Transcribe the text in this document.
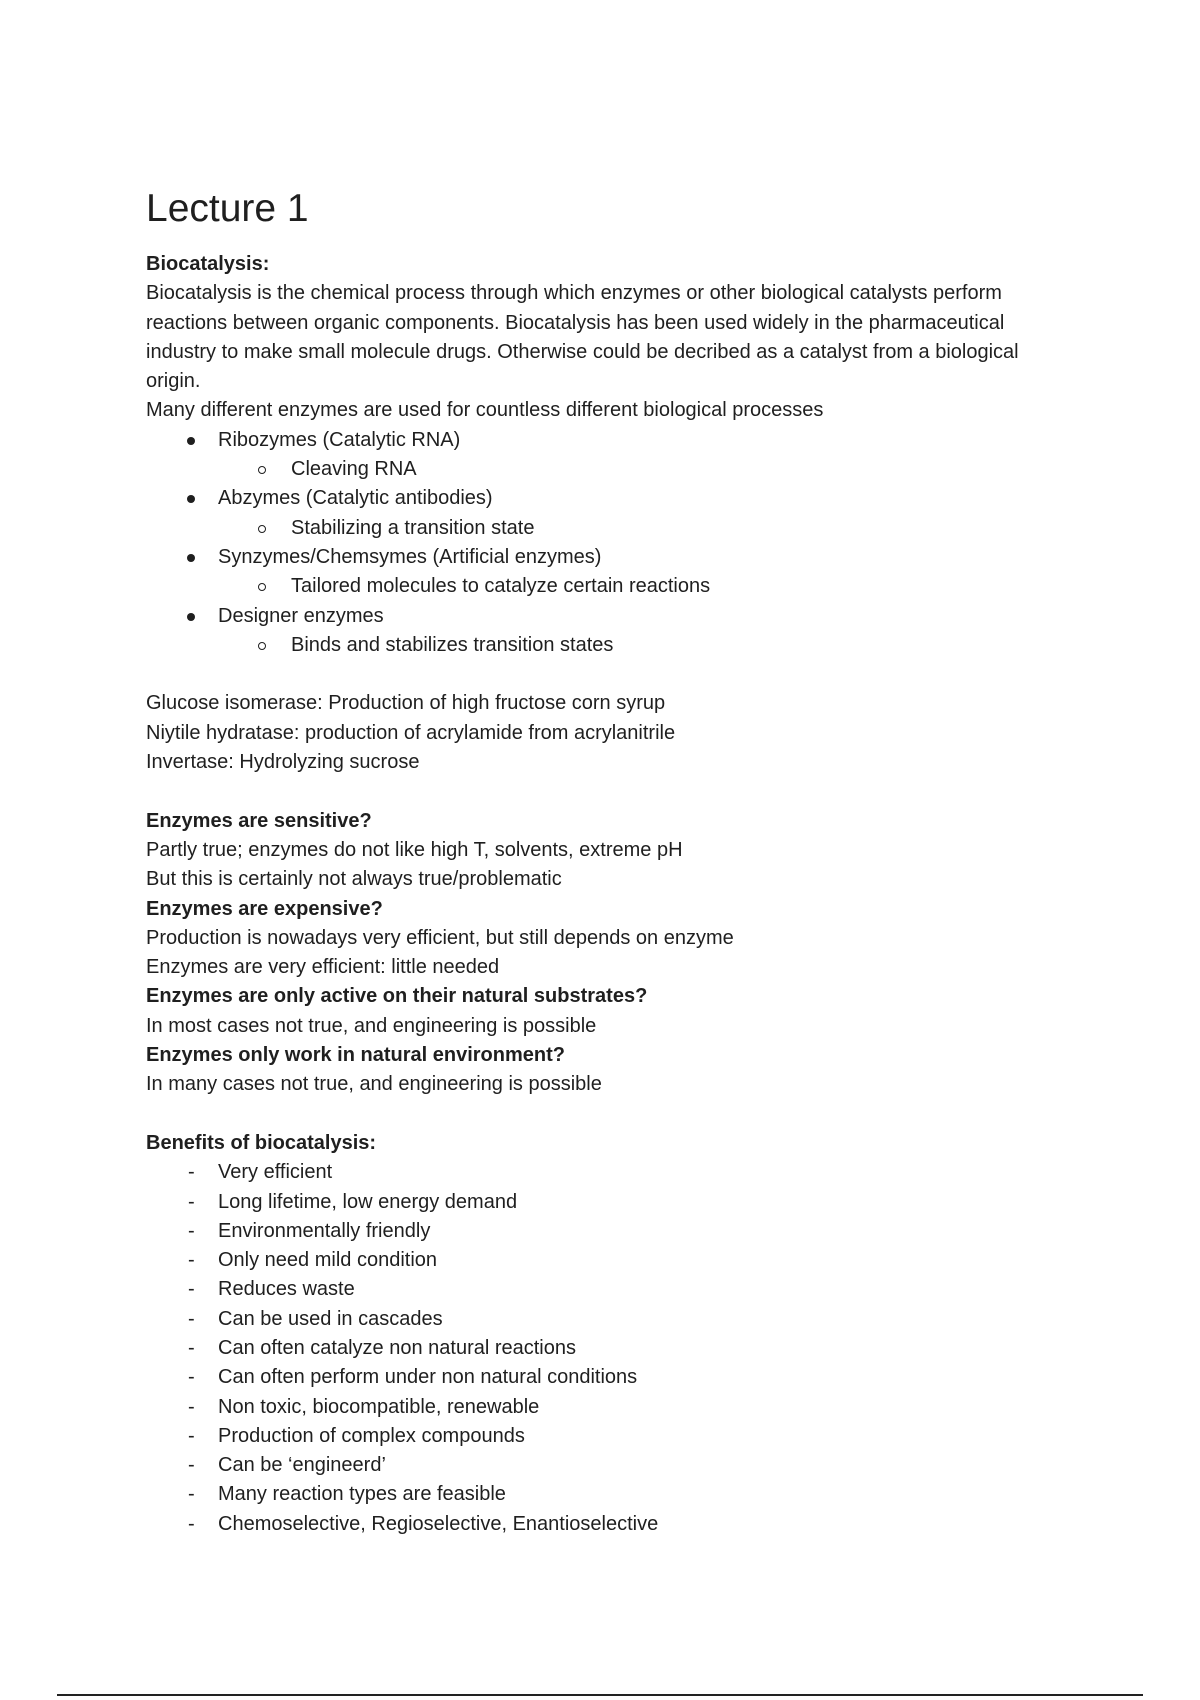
Lecture 1
Biocatalysis:
Biocatalysis is the chemical process through which enzymes or other biological catalysts perform reactions between organic components. Biocatalysis has been used widely in the pharmaceutical industry to make small molecule drugs. Otherwise could be decribed as a catalyst from a biological origin.
Many different enzymes are used for countless different biological processes
Ribozymes (Catalytic RNA)
Cleaving RNA
Abzymes (Catalytic antibodies)
Stabilizing a transition state
Synzymes/Chemsymes (Artificial enzymes)
Tailored molecules to catalyze certain reactions
Designer enzymes
Binds and stabilizes transition states
Glucose isomerase: Production of high fructose corn syrup
Niytile hydratase: production of acrylamide from acrylanitrile
Invertase: Hydrolyzing sucrose
Enzymes are sensitive?
Partly true; enzymes do not like high T, solvents, extreme pH
But this is certainly not always true/problematic
Enzymes are expensive?
Production is nowadays very efficient, but still depends on enzyme
Enzymes are very efficient: little needed
Enzymes are only active on their natural substrates?
In most cases not true, and engineering is possible
Enzymes only work in natural environment?
In many cases not true, and engineering is possible
Benefits of biocatalysis:
- Very efficient
- Long lifetime, low energy demand
- Environmentally friendly
- Only need mild condition
- Reduces waste
- Can be used in cascades
- Can often catalyze non natural reactions
- Can often perform under non natural conditions
- Non toxic, biocompatible, renewable
- Production of complex compounds
- Can be ‘engineerd’
- Many reaction types are feasible
- Chemoselective, Regioselective, Enantioselective
